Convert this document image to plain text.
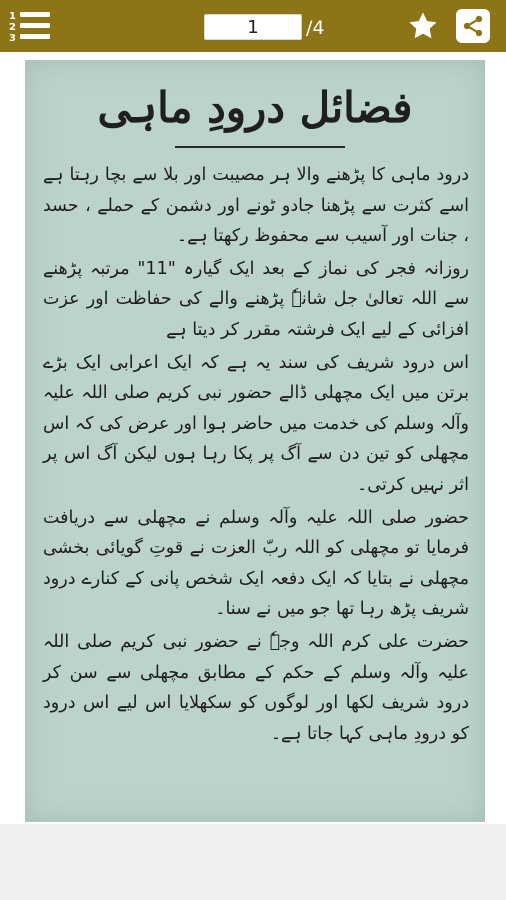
1
2
3
1	/4
فضائل درودِ ماہی

درود ماہی کا پڑھنے والا ہر مصیبت اور بلا سے بچا رہتا ہے اسے کثرت سے پڑھنا جادو ٹونے اور دشمن کے حملے ، حسد ، جنات اور آسیب سے محفوظ رکھتا ہے۔

روزانہ فجر کی نماز کے بعد ایک گیارہ "11" مرتبہ پڑھنے سے اللہ تعالیٰ جل شانہٗ پڑھنے والے کی حفاظت اور عزت افزائی کے لیے ایک فرشتہ مقرر کر دیتا ہے

اس درود شریف کی سند یہ ہے کہ ایک اعرابی ایک بڑے برتن میں ایک مچھلی ڈالے حضور نبی کریم صلی اللہ علیہ وآلہ وسلم کی خدمت میں حاضر ہوا اور عرض کی کہ اس مچھلی کو تین دن سے آگ پر پکا رہا ہوں لیکن آگ اس پر اثر نہیں کرتی۔

حضور صلی اللہ علیہ وآلہ وسلم نے مچھلی سے دریافت فرمایا تو مچھلی کو اللہ ربّ العزت نے قوتِ گویائی بخشی مچھلی نے بتایا کہ ایک دفعہ ایک شخص پانی کے کنارے درود شریف پڑھ رہا تھا جو میں نے سنا۔

حضرت علی کرم اللہ وجہٗ نے حضور نبی کریم صلی اللہ علیہ وآلہ وسلم کے حکم کے مطابق مچھلی سے سن کر درود شریف لکھا اور لوگوں کو سکھلایا اس لیے اس درود کو درودِ ماہی کہا جاتا ہے۔
